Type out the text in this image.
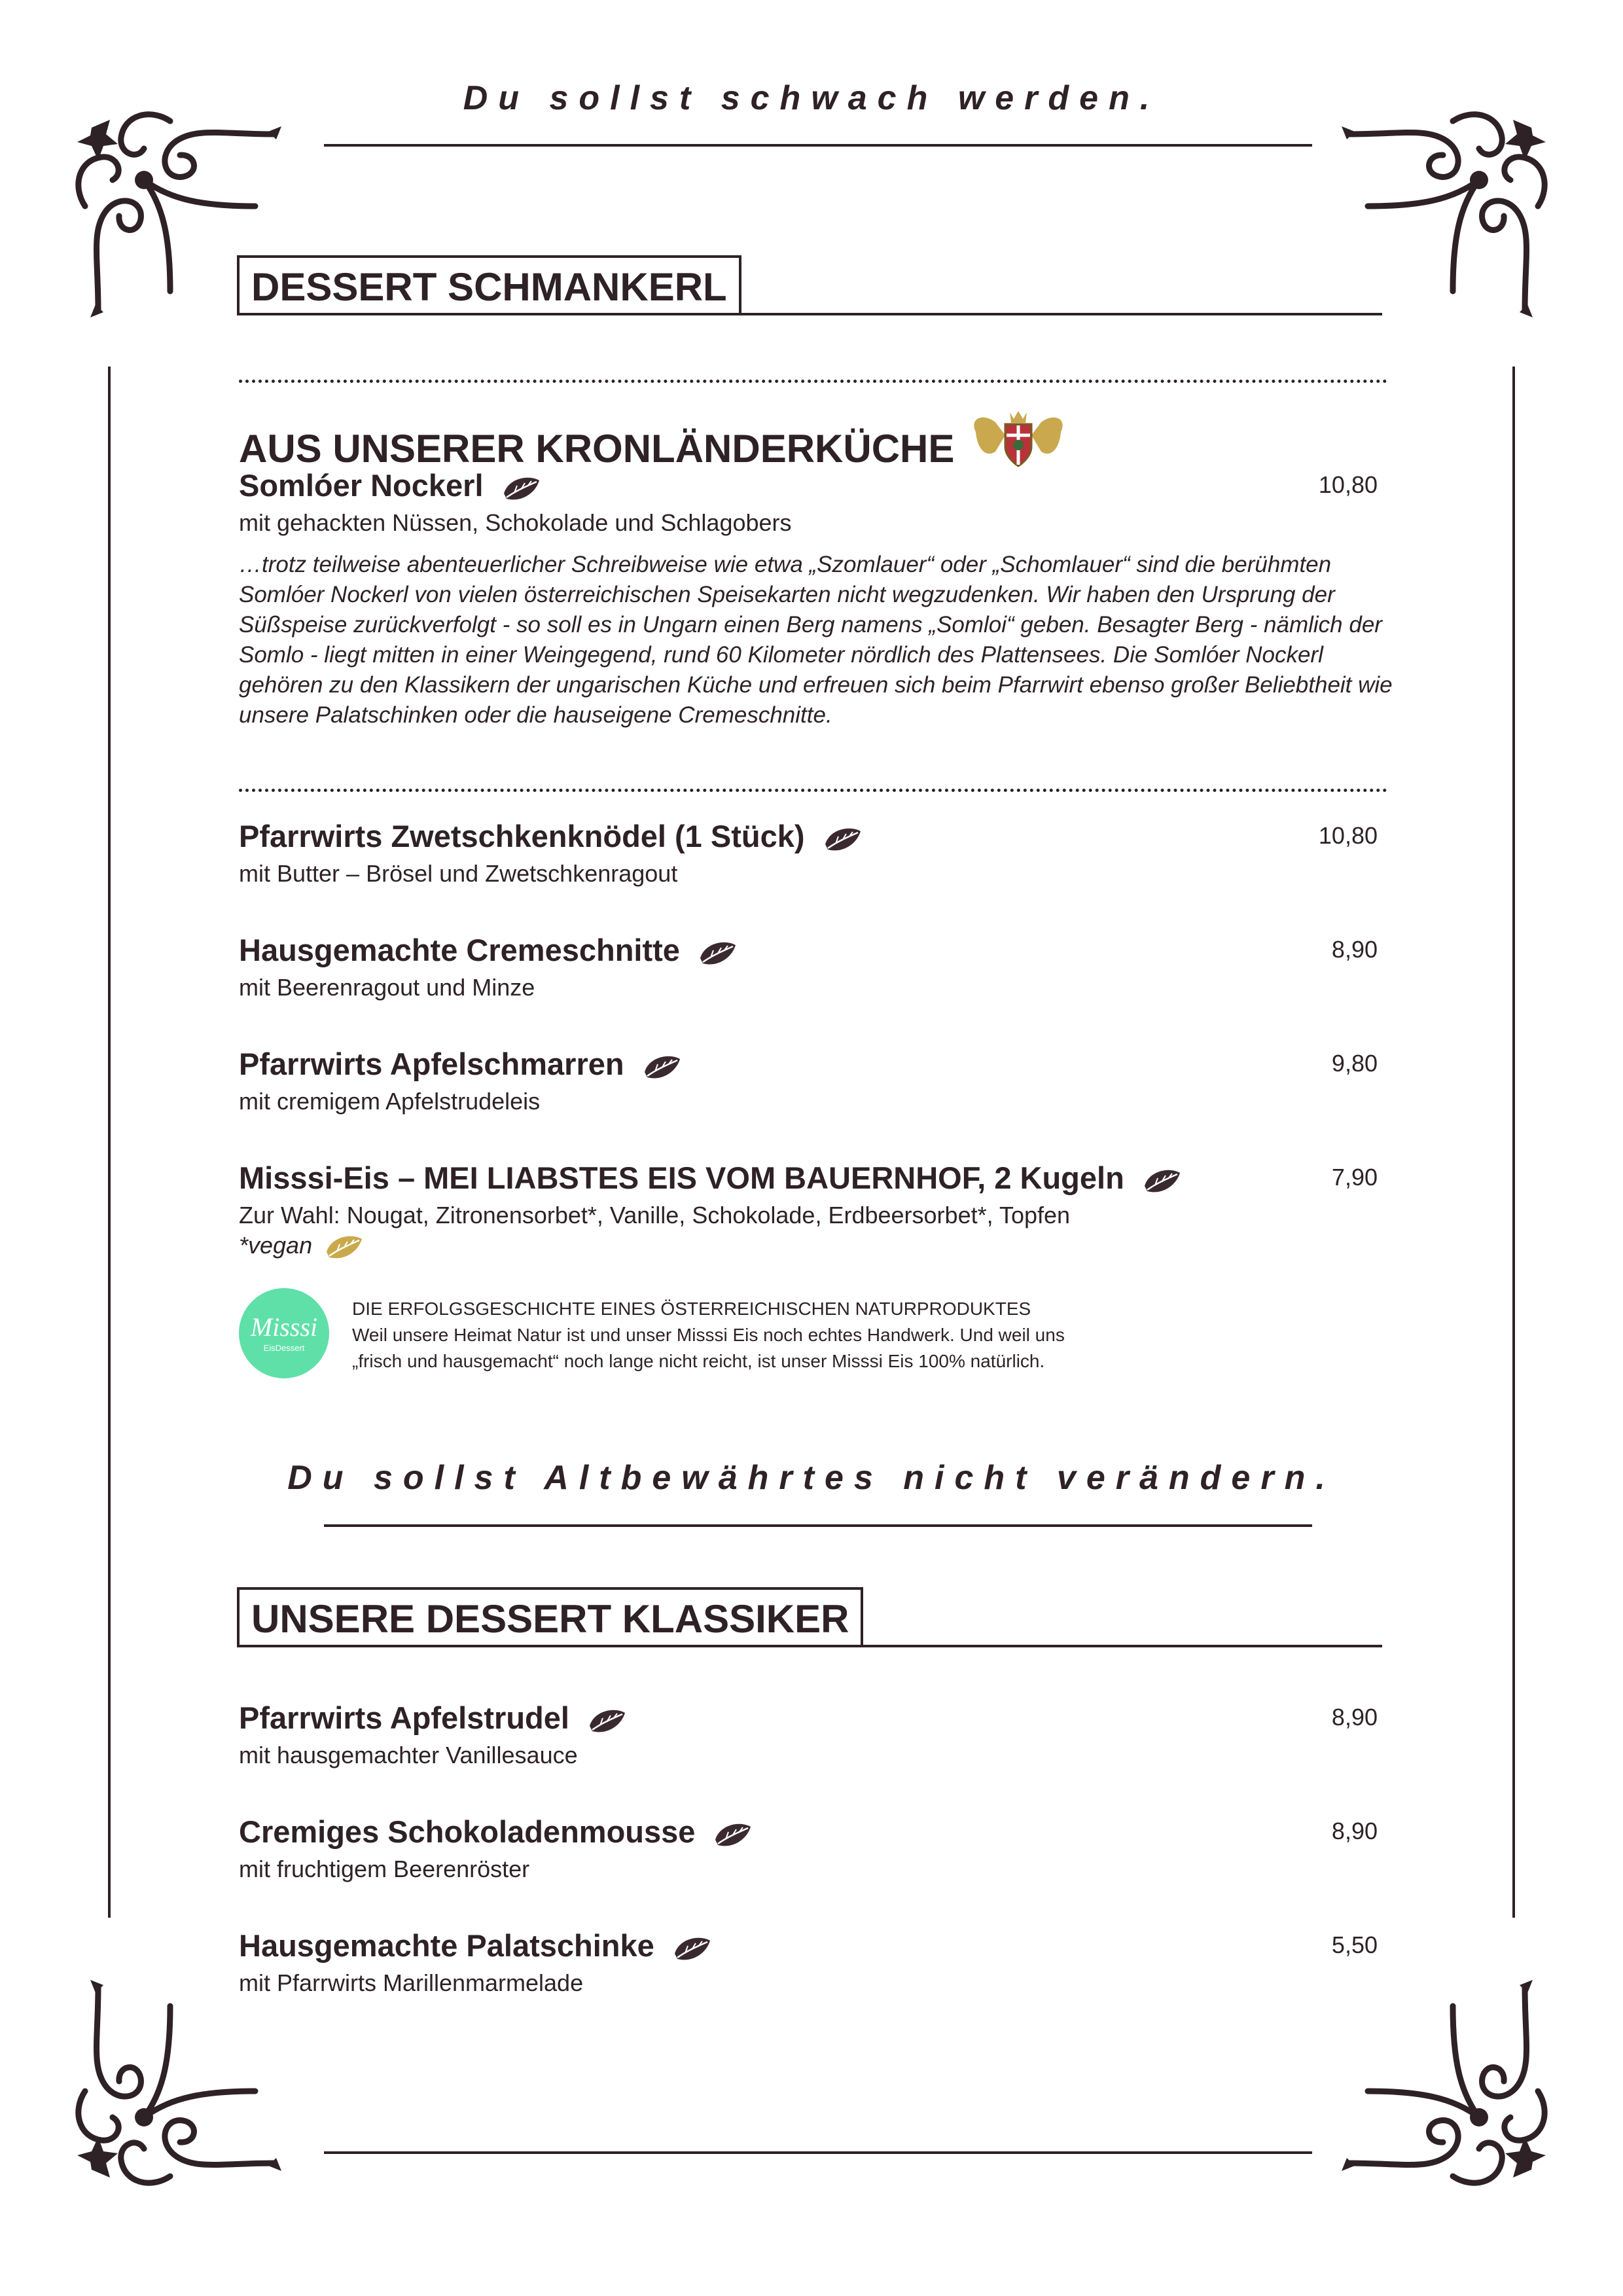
Du sollst schwach werden.
DESSERT SCHMANKERL
AUS UNSERER KRONLÄNDERKÜCHE
Somlóer Nockerl	10,80
mit gehackten Nüssen, Schokolade und Schlagobers
…trotz teilweise abenteuerlicher Schreibweise wie etwa „Szomlauer“ oder „Schomlauer“ sind die berühmten Somlóer Nockerl von vielen österreichischen Speisekarten nicht wegzudenken. Wir haben den Ursprung der Süßspeise zurückverfolgt - so soll es in Ungarn einen Berg namens „Somloi“ geben. Besagter Berg - nämlich der Somlo - liegt mitten in einer Weingegend, rund 60 Kilometer nördlich des Plattensees. Die Somlóer Nockerl gehören zu den Klassikern der ungarischen Küche und erfreuen sich beim Pfarrwirt ebenso großer Beliebtheit wie unsere Palatschinken oder die hauseigene Cremeschnitte.
Pfarrwirts Zwetschkenknödel (1 Stück)	10,80
mit Butter – Brösel und Zwetschkenragout
Hausgemachte Cremeschnitte	8,90
mit Beerenragout und Minze
Pfarrwirts Apfelschmarren	9,80
mit cremigem Apfelstrudeleis
Misssi-Eis – MEI LIABSTES EIS VOM BAUERNHOF, 2 Kugeln	7,90
Zur Wahl: Nougat, Zitronensorbet*, Vanille, Schokolade, Erdbeersorbet*, Topfen
*vegan
Misssi
EisDessert
DIE ERFOLGSGESCHICHTE EINES ÖSTERREICHISCHEN NATURPRODUKTES
Weil unsere Heimat Natur ist und unser Misssi Eis noch echtes Handwerk. Und weil uns
„frisch und hausgemacht“ noch lange nicht reicht, ist unser Misssi Eis 100% natürlich.
Du sollst Altbewährtes nicht verändern.
UNSERE DESSERT KLASSIKER
Pfarrwirts Apfelstrudel	8,90
mit hausgemachter Vanillesauce
Cremiges Schokoladenmousse	8,90
mit fruchtigem Beerenröster
Hausgemachte Palatschinke	5,50
mit Pfarrwirts Marillenmarmelade
